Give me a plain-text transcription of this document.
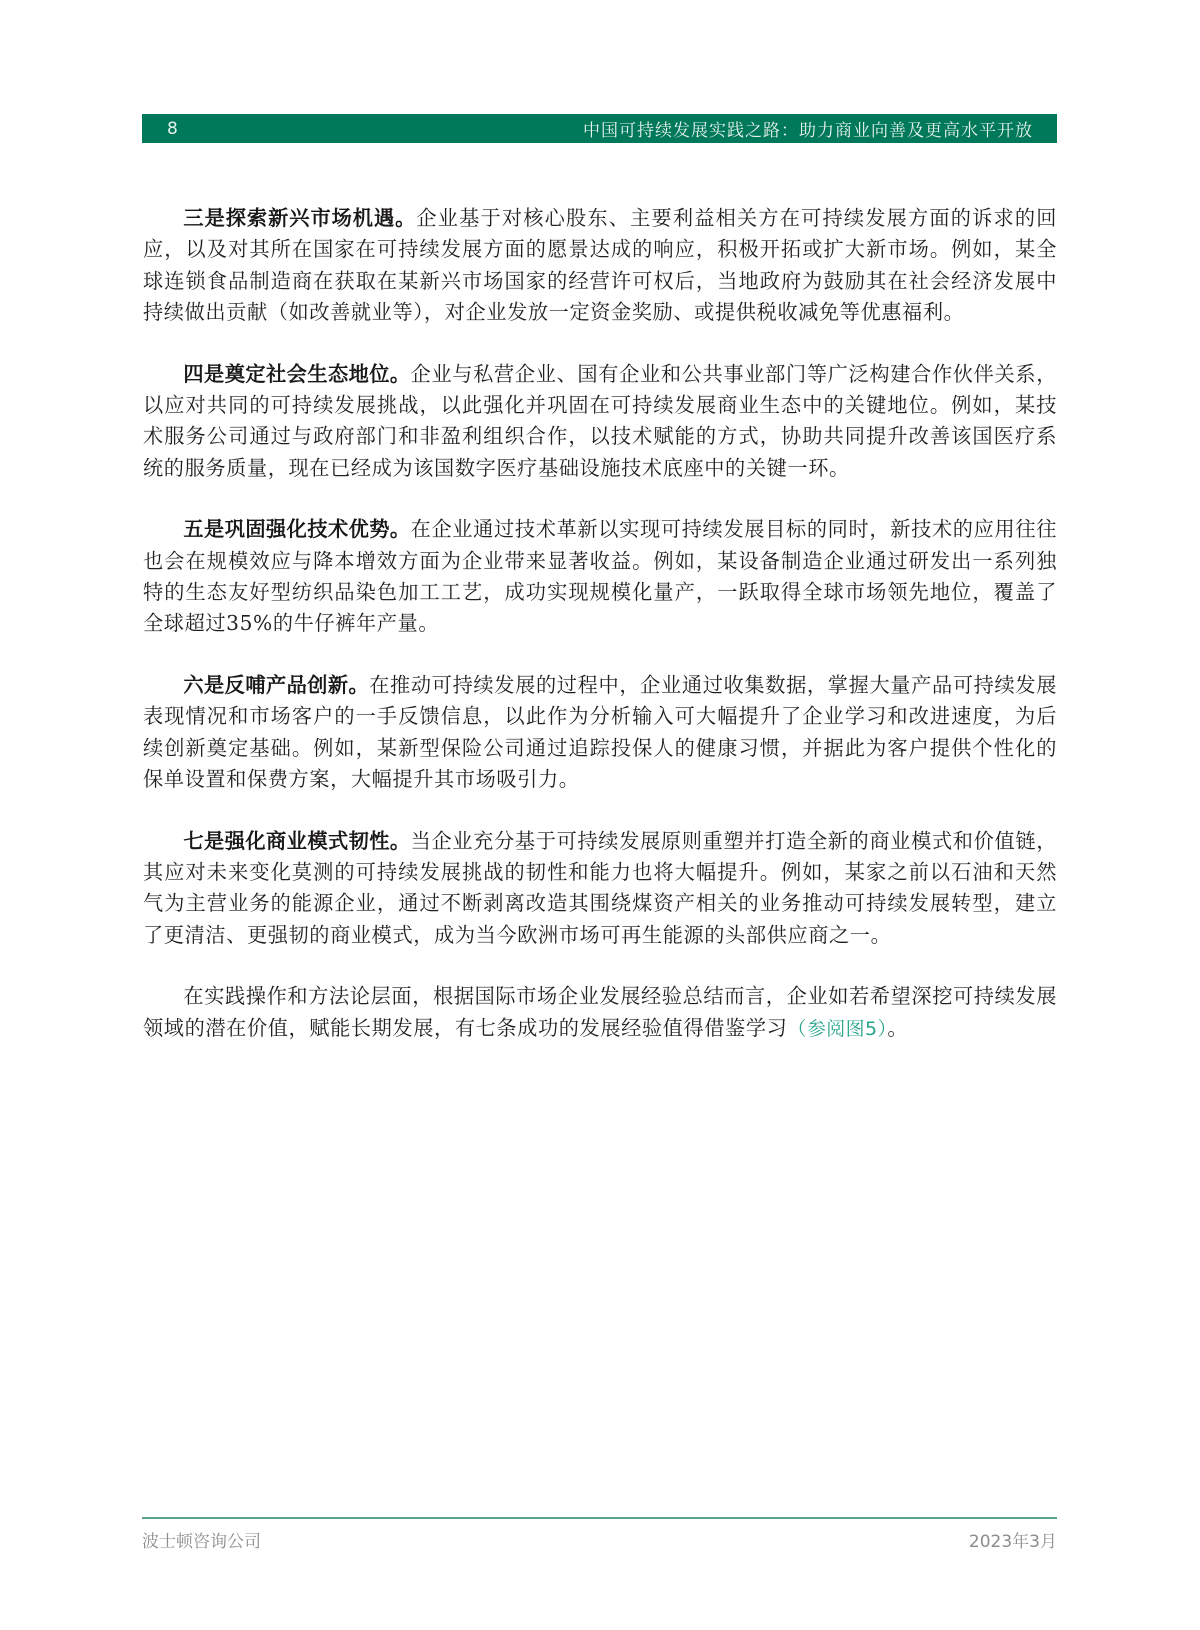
8	中国可持续发展实践之路：助力商业向善及更高水平开放

三是探索新兴市场机遇。企业基于对核心股东、主要利益相关方在可持续发展方面的诉求的回应，以及对其所在国家在可持续发展方面的愿景达成的响应，积极开拓或扩大新市场。例如，某全球连锁食品制造商在获取在某新兴市场国家的经营许可权后，当地政府为鼓励其在社会经济发展中持续做出贡献（如改善就业等），对企业发放一定资金奖励、或提供税收减免等优惠福利。

四是奠定社会生态地位。企业与私营企业、国有企业和公共事业部门等广泛构建合作伙伴关系，以应对共同的可持续发展挑战，以此强化并巩固在可持续发展商业生态中的关键地位。例如，某技术服务公司通过与政府部门和非盈利组织合作，以技术赋能的方式，协助共同提升改善该国医疗系统的服务质量，现在已经成为该国数字医疗基础设施技术底座中的关键一环。

五是巩固强化技术优势。在企业通过技术革新以实现可持续发展目标的同时，新技术的应用往往也会在规模效应与降本增效方面为企业带来显著收益。例如，某设备制造企业通过研发出一系列独特的生态友好型纺织品染色加工工艺，成功实现规模化量产，一跃取得全球市场领先地位，覆盖了全球超过35%的牛仔裤年产量。

六是反哺产品创新。在推动可持续发展的过程中，企业通过收集数据，掌握大量产品可持续发展表现情况和市场客户的一手反馈信息，以此作为分析输入可大幅提升了企业学习和改进速度，为后续创新奠定基础。例如，某新型保险公司通过追踪投保人的健康习惯，并据此为客户提供个性化的保单设置和保费方案，大幅提升其市场吸引力。

七是强化商业模式韧性。当企业充分基于可持续发展原则重塑并打造全新的商业模式和价值链，其应对未来变化莫测的可持续发展挑战的韧性和能力也将大幅提升。例如，某家之前以石油和天然气为主营业务的能源企业，通过不断剥离改造其围绕煤资产相关的业务推动可持续发展转型，建立了更清洁、更强韧的商业模式，成为当今欧洲市场可再生能源的头部供应商之一。

在实践操作和方法论层面，根据国际市场企业发展经验总结而言，企业如若希望深挖可持续发展领域的潜在价值，赋能长期发展，有七条成功的发展经验值得借鉴学习（参阅图5）。

波士顿咨询公司	2023年3月
